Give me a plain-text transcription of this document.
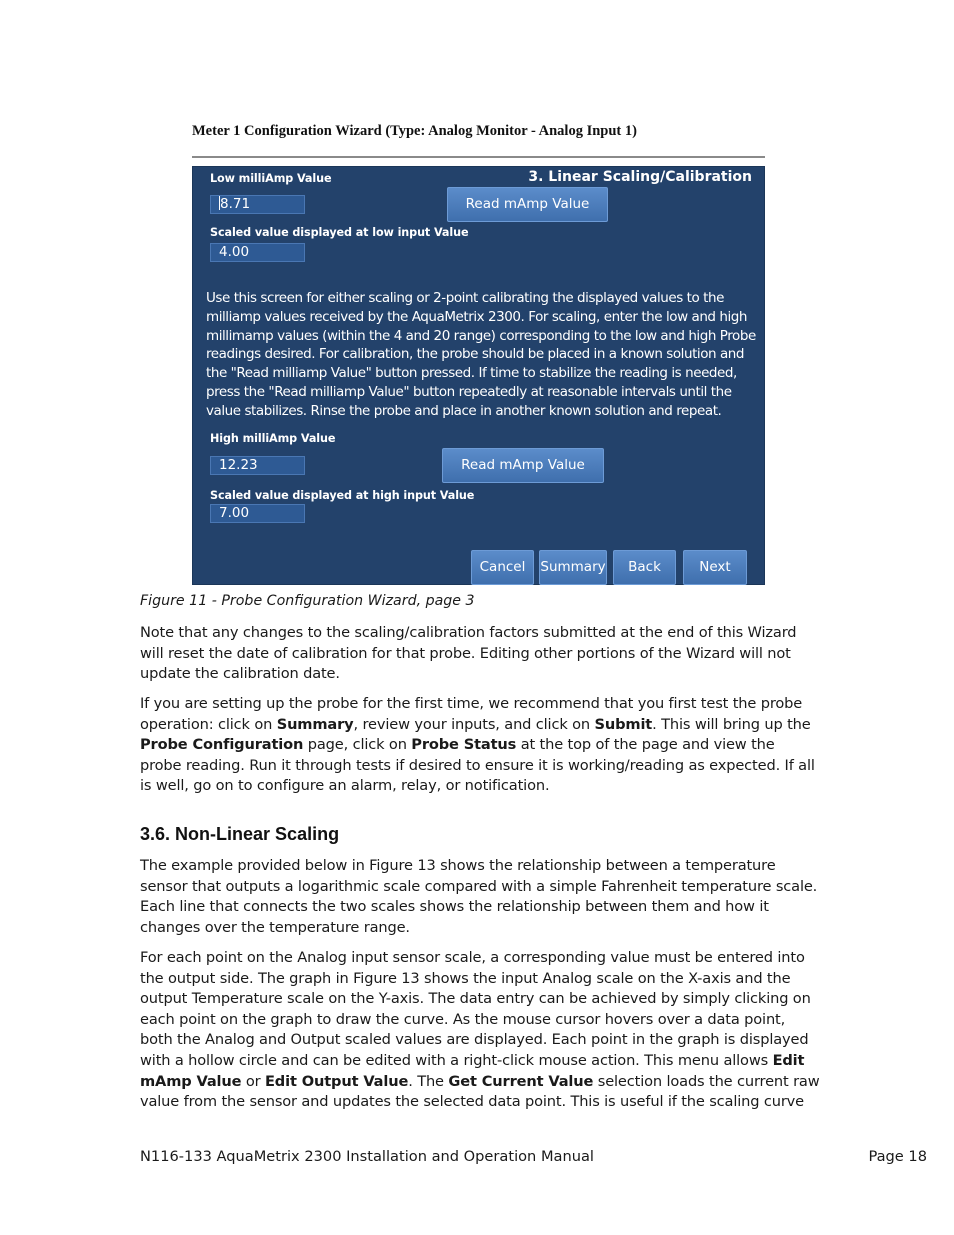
Meter 1 Configuration Wizard (Type: Analog Monitor - Analog Input 1)
3. Linear Scaling/Calibration
Low milliAmp Value
8.71	Read mAmp Value
Scaled value displayed at low input Value
4.00
Use this screen for either scaling or 2-point calibrating the displayed values to the milliamp values received by the AquaMetrix 2300. For scaling, enter the low and high millimamp values (within the 4 and 20 range) corresponding to the low and high Probe readings desired. For calibration, the probe should be placed in a known solution and the "Read milliamp Value" button pressed. If time to stabilize the reading is needed, press the "Read milliamp Value" button repeatedly at reasonable intervals until the value stabilizes. Rinse the probe and place in another known solution and repeat.
High milliAmp Value
12.23	Read mAmp Value
Scaled value displayed at high input Value
7.00
Cancel	Summary	Back	Next
Figure 11 - Probe Configuration Wizard, page 3

Note that any changes to the scaling/calibration factors submitted at the end of this Wizard will reset the date of calibration for that probe. Editing other portions of the Wizard will not update the calibration date.

If you are setting up the probe for the first time, we recommend that you first test the probe operation: click on Summary, review your inputs, and click on Submit. This will bring up the Probe Configuration page, click on Probe Status at the top of the page and view the probe reading. Run it through tests if desired to ensure it is working/reading as expected. If all is well, go on to configure an alarm, relay, or notification.

3.6. Non-Linear Scaling

The example provided below in Figure 13 shows the relationship between a temperature sensor that outputs a logarithmic scale compared with a simple Fahrenheit temperature scale. Each line that connects the two scales shows the relationship between them and how it changes over the temperature range.

For each point on the Analog input sensor scale, a corresponding value must be entered into the output side. The graph in Figure 13 shows the input Analog scale on the X-axis and the output Temperature scale on the Y-axis. The data entry can be achieved by simply clicking on each point on the graph to draw the curve. As the mouse cursor hovers over a data point, both the Analog and Output scaled values are displayed. Each point in the graph is displayed with a hollow circle and can be edited with a right-click mouse action. This menu allows Edit mAmp Value or Edit Output Value. The Get Current Value selection loads the current raw value from the sensor and updates the selected data point. This is useful if the scaling curve

N116-133 AquaMetrix 2300 Installation and Operation Manual	Page 18
